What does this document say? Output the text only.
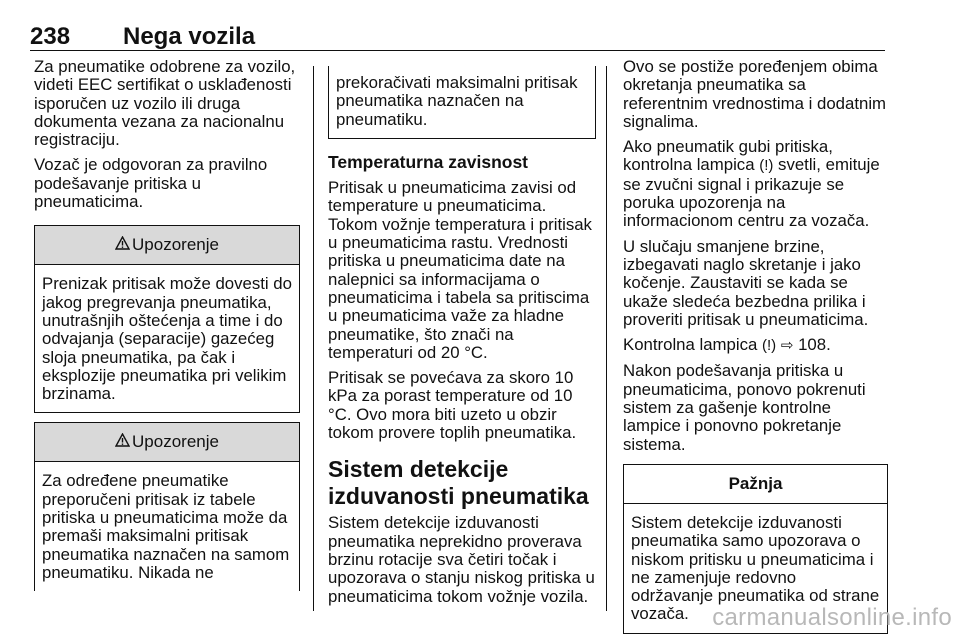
238 Nega vozila

Za pneumatike odobrene za vozilo, videti EEC sertifikat o usklađenosti isporučen uz vozilo ili druga dokumenta vezana za nacionalnu registraciju.

Vozač je odgovoran za pravilno podešavanje pritiska u pneumaticima.

Upozorenje
Prenizak pritisak može dovesti do jakog pregrevanja pneumatika, unutrašnjih oštećenja a time i do odvajanja (separacije) gazećeg sloja pneumatika, pa čak i eksplozije pneumatika pri velikim brzinama.
Upozorenje
Za određene pneumatike preporučeni pritisak iz tabele pritiska u pneumaticima može da premaši maksimalni pritisak pneumatika naznačen na samom pneumatiku. Nikada ne
prekoračivati maksimalni pritisak pneumatika naznačen na pneumatiku.
Temperaturna zavisnost

Pritisak u pneumaticima zavisi od temperature u pneumaticima. Tokom vožnje temperatura i pritisak u pneumaticima rastu. Vrednosti pritiska u pneumaticima date na nalepnici sa informacijama o pneumaticima i tabela sa pritiscima u pneumaticima važe za hladne pneumatike, što znači na temperaturi od 20 °C.

Pritisak se povećava za skoro 10 kPa za porast temperature od 10 °C. Ovo mora biti uzeto u obzir tokom provere toplih pneumatika.

Sistem detekcije izduvanosti pneumatika

Sistem detekcije izduvanosti pneumatika neprekidno proverava brzinu rotacije sva četiri točak i upozorava o stanju niskog pritiska u pneumaticima tokom vožnje vozila.

Ovo se postiže poređenjem obima okretanja pneumatika sa referentnim vrednostima i dodatnim signalima.

Ako pneumatik gubi pritiska, kontrolna lampica (!) svetli, emituje se zvučni signal i prikazuje se poruka upozorenja na informacionom centru za vozača.

U slučaju smanjene brzine, izbegavati naglo skretanje i jako kočenje. Zaustaviti se kada se ukaže sledeća bezbedna prilika i proveriti pritisak u pneumaticima.

Kontrolna lampica (!) ⇨ 108.

Nakon podešavanja pritiska u pneumaticima, ponovo pokrenuti sistem za gašenje kontrolne lampice i ponovno pokretanje sistema.

Pažnja
Sistem detekcije izduvanosti pneumatika samo upozorava o niskom pritisku u pneumaticima i ne zamenjuje redovno održavanje pneumatika od strane vozača. carmanualsonline.info
